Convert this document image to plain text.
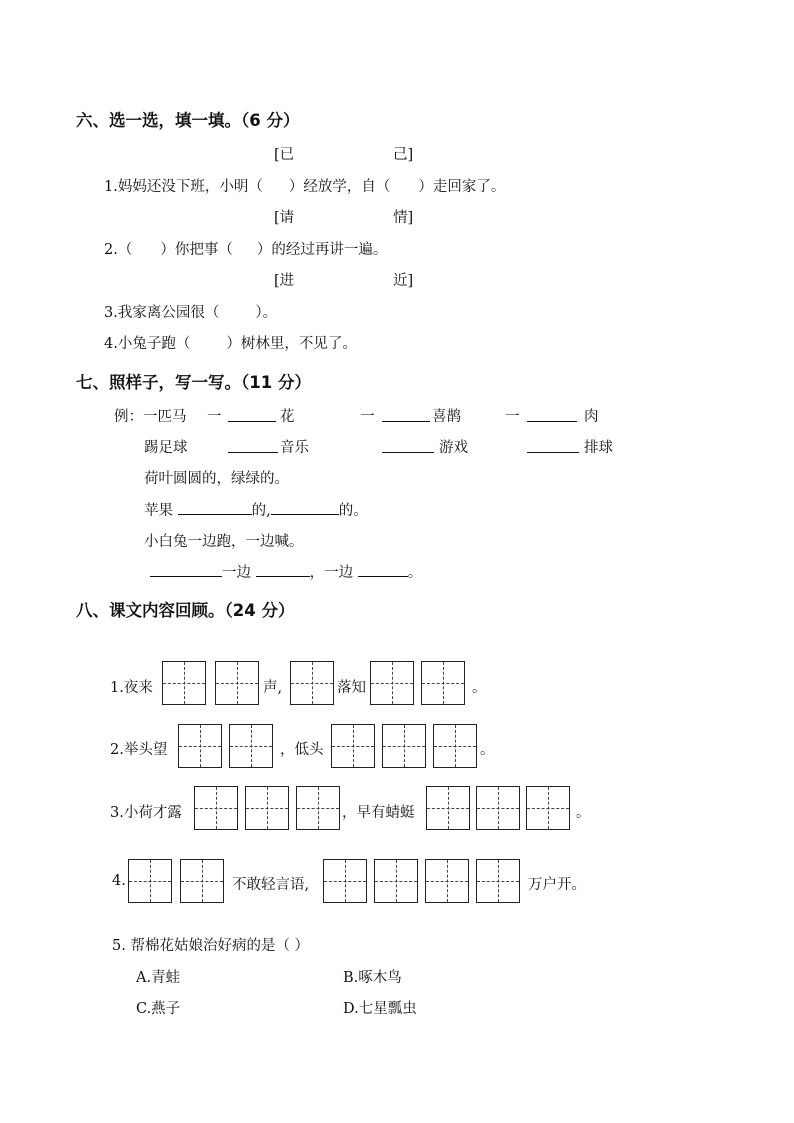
六、选一选，填一填。（6 分）
[已	己]
1.妈妈还没下班，小明（ ）经放学，自（ ）走回家了。
[请	情]
2.（ ）你把事（ ）的经过再讲一遍。
[进	近]
3.我家离公园很（ ）。
4.小兔子跑（ ）树林里，不见了。
七、照样子，写一写。（11 分）
例：一匹马 一	花	一	喜鹊	一	肉
踢足球	音乐	游戏	排球
荷叶圆圆的，绿绿的。
苹果	的,	的。
小白兔一边跑，一边喊。
一边	，一边	。
八、课文内容回顾。（24 分）
1.夜来	声,	落知	。
2.举头望	，低头	。
3.小荷才露	，早有蜻蜓	。
4.	不敢轻言语,	万户开。
5. 帮棉花姑娘治好病的是（ ）
A.青蛙	B.啄木鸟
C.燕子	D.七星瓢虫
